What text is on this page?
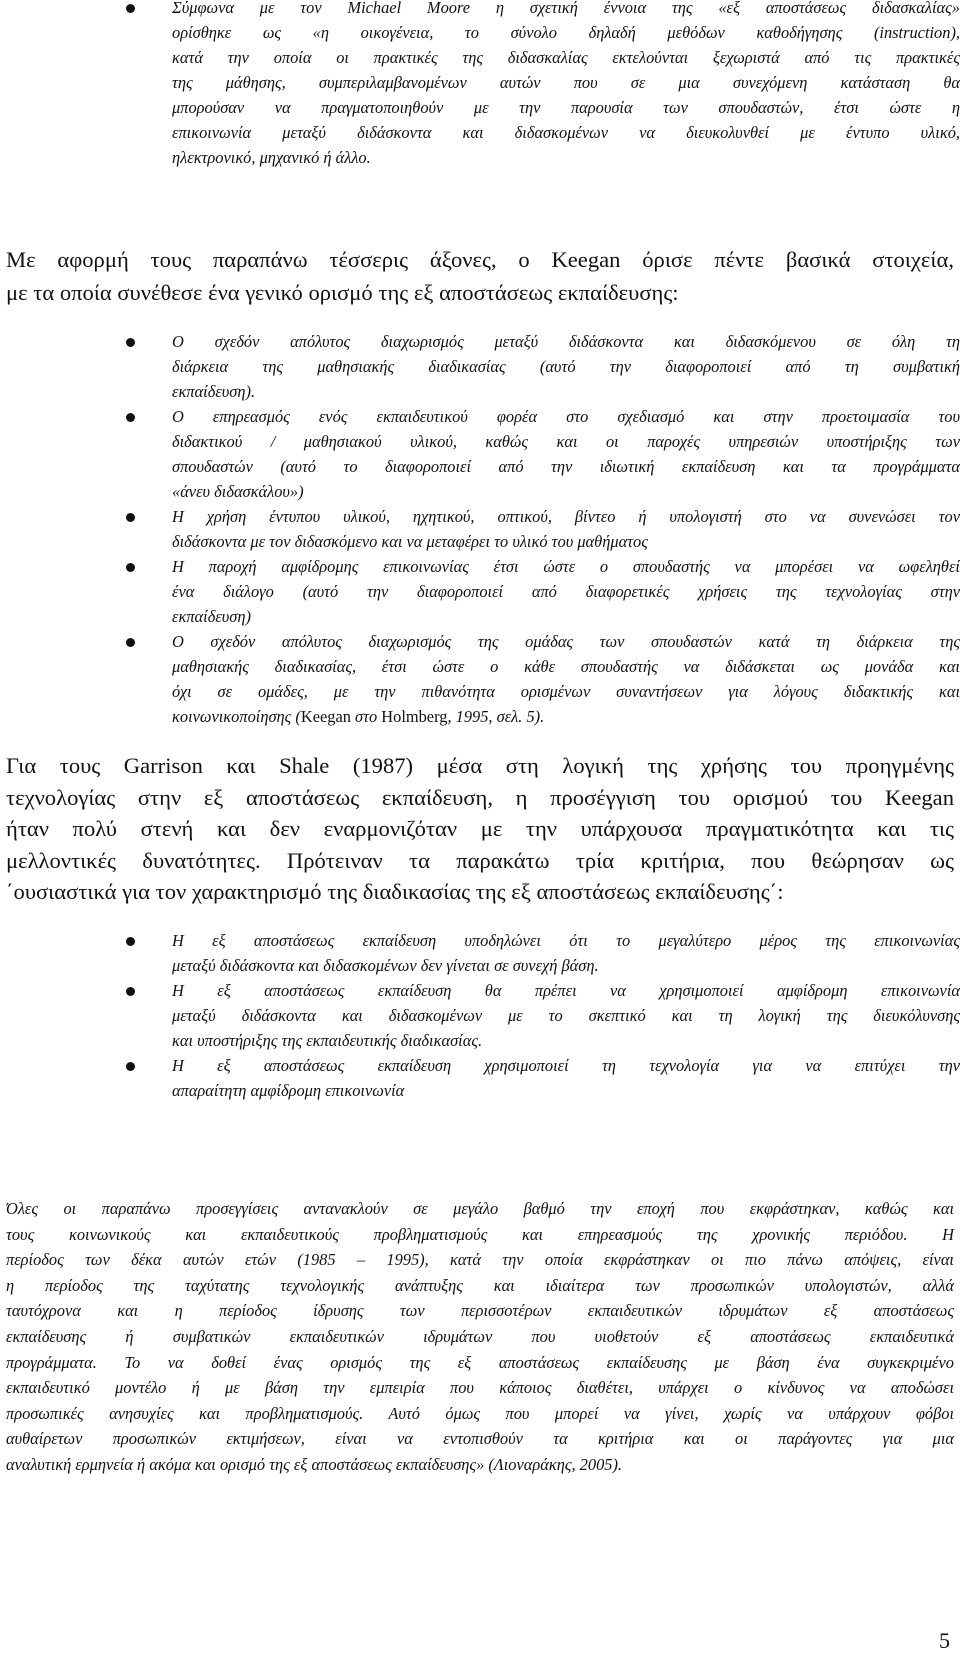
Σύμφωνα με τον Michael Moore η σχετική έννοια της «εξ αποστάσεως διδασκαλίας»
ορίσθηκε ως «η οικογένεια, το σύνολο δηλαδή μεθόδων καθοδήγησης (instruction),
κατά την οποία οι πρακτικές της διδασκαλίας εκτελούνται ξεχωριστά από τις πρακτικές
της μάθησης, συμπεριλαμβανομένων αυτών που σε μια συνεχόμενη κατάσταση θα
μπορούσαν να πραγματοποιηθούν με την παρουσία των σπουδαστών, έτσι ώστε η
επικοινωνία μεταξύ διδάσκοντα και διδασκομένων να διευκολυνθεί με έντυπο υλικό,
ηλεκτρονικό, μηχανικό ή άλλο.
Με αφορμή τους παραπάνω τέσσερις άξονες, ο Keegan όρισε πέντε βασικά στοιχεία,
με τα οποία συνέθεσε ένα γενικό ορισμό της εξ αποστάσεως εκπαίδευσης:
Ο σχεδόν απόλυτος διαχωρισμός μεταξύ διδάσκοντα και διδασκόμενου σε όλη τη
διάρκεια της μαθησιακής διαδικασίας (αυτό την διαφοροποιεί από τη συμβατική
εκπαίδευση).
Ο επηρεασμός ενός εκπαιδευτικού φορέα στο σχεδιασμό και στην προετοιμασία του
διδακτικού / μαθησιακού υλικού, καθώς και οι παροχές υπηρεσιών υποστήριξης των
σπουδαστών (αυτό το διαφοροποιεί από την ιδιωτική εκπαίδευση και τα προγράμματα
«άνευ διδασκάλου»)
Η χρήση έντυπου υλικού, ηχητικού, οπτικού, βίντεο ή υπολογιστή στο να συνενώσει τον
διδάσκοντα με τον διδασκόμενο και να μεταφέρει το υλικό του μαθήματος
Η παροχή αμφίδρομης επικοινωνίας έτσι ώστε ο σπουδαστής να μπορέσει να ωφεληθεί
ένα διάλογο (αυτό την διαφοροποιεί από διαφορετικές χρήσεις της τεχνολογίας στην
εκπαίδευση)
Ο σχεδόν απόλυτος διαχωρισμός της ομάδας των σπουδαστών κατά τη διάρκεια της
μαθησιακής διαδικασίας, έτσι ώστε ο κάθε σπουδαστής να διδάσκεται ως μονάδα και
όχι σε ομάδες, με την πιθανότητα ορισμένων συναντήσεων για λόγους διδακτικής και
κοινωνικοποίησης (Keegan στο Holmberg, 1995, σελ. 5).
Για τους Garrison και Shale (1987) μέσα στη λογική της χρήσης του προηγμένης
τεχνολογίας στην εξ αποστάσεως εκπαίδευση, η προσέγγιση του ορισμού του Keegan
ήταν πολύ στενή και δεν εναρμονιζόταν με την υπάρχουσα πραγματικότητα και τις
μελλοντικές δυνατότητες. Πρότειναν τα παρακάτω τρία κριτήρια, που θεώρησαν ως
΄ουσιαστικά για τον χαρακτηρισμό της διαδικασίας της εξ αποστάσεως εκπαίδευσης΄:
Η εξ αποστάσεως εκπαίδευση υποδηλώνει ότι το μεγαλύτερο μέρος της επικοινωνίας
μεταξύ διδάσκοντα και διδασκομένων δεν γίνεται σε συνεχή βάση.
Η εξ αποστάσεως εκπαίδευση θα πρέπει να χρησιμοποιεί αμφίδρομη επικοινωνία
μεταξύ διδάσκοντα και διδασκομένων με το σκεπτικό και τη λογική της διευκόλυνσης
και υποστήριξης της εκπαιδευτικής διαδικασίας.
Η εξ αποστάσεως εκπαίδευση χρησιμοποιεί τη τεχνολογία για να επιτύχει την
απαραίτητη αμφίδρομη επικοινωνία
Όλες οι παραπάνω προσεγγίσεις αντανακλούν σε μεγάλο βαθμό την εποχή που εκφράστηκαν, καθώς και
τους κοινωνικούς και εκπαιδευτικούς προβληματισμούς και επηρεασμούς της χρονικής περιόδου. Η
περίοδος των δέκα αυτών ετών (1985 – 1995), κατά την οποία εκφράστηκαν οι πιο πάνω απόψεις, είναι
η περίοδος της ταχύτατης τεχνολογικής ανάπτυξης και ιδιαίτερα των προσωπικών υπολογιστών, αλλά
ταυτόχρονα και η περίοδος ίδρυσης των περισσοτέρων εκπαιδευτικών ιδρυμάτων εξ αποστάσεως
εκπαίδευσης ή συμβατικών εκπαιδευτικών ιδρυμάτων που υιοθετούν εξ αποστάσεως εκπαιδευτικά
προγράμματα. Το να δοθεί ένας ορισμός της εξ αποστάσεως εκπαίδευσης με βάση ένα συγκεκριμένο
εκπαιδευτικό μοντέλο ή με βάση την εμπειρία που κάποιος διαθέτει, υπάρχει ο κίνδυνος να αποδώσει
προσωπικές ανησυχίες και προβληματισμούς. Αυτό όμως που μπορεί να γίνει, χωρίς να υπάρχουν φόβοι
αυθαίρετων προσωπικών εκτιμήσεων, είναι να εντοπισθούν τα κριτήρια και οι παράγοντες για μια
αναλυτική ερμηνεία ή ακόμα και ορισμό της εξ αποστάσεως εκπαίδευσης» (Λιοναράκης, 2005).
5
